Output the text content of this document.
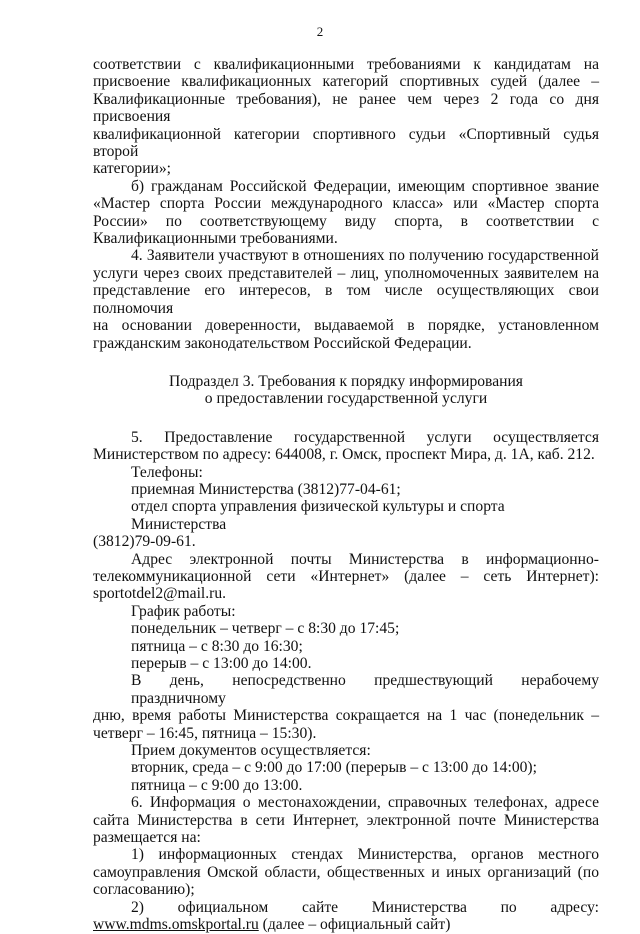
2

соответствии с квалификационными требованиями к кандидатам на

присвоение квалификационных категорий спортивных судей (далее –

Квалификационные требования), не ранее чем через 2 года со дня присвоения

квалификационной категории спортивного судьи «Спортивный судья второй

категории»;

б) гражданам Российской Федерации, имеющим спортивное звание

«Мастер спорта России международного класса» или «Мастер спорта

России» по соответствующему виду спорта, в соответствии с

Квалификационными требованиями.

4. Заявители участвуют в отношениях по получению государственной

услуги через своих представителей – лиц, уполномоченных заявителем на

представление его интересов, в том числе осуществляющих свои полномочия

на основании доверенности, выдаваемой в порядке, установленном

гражданским законодательством Российской Федерации.

Подраздел 3. Требования к порядку информирования

о предоставлении государственной услуги

5. Предоставление государственной услуги осуществляется

Министерством по адресу: 644008, г. Омск, проспект Мира, д. 1А, каб. 212.

Телефоны:

приемная Министерства (3812)77-04-61;

отдел спорта управления физической культуры и спорта Министерства

(3812)79-09-61.

Адрес электронной почты Министерства в информационно-

телекоммуникационной сети «Интернет» (далее – сеть Интернет):

sportotdel2@mail.ru.

График работы:

понедельник – четверг – с 8:30 до 17:45;

пятница – с 8:30 до 16:30;

перерыв – с 13:00 до 14:00.

В день, непосредственно предшествующий нерабочему праздничному

дню, время работы Министерства сокращается на 1 час (понедельник –

четверг – 16:45, пятница – 15:30).

Прием документов осуществляется:

вторник, среда – с 9:00 до 17:00 (перерыв – с 13:00 до 14:00);

пятница – с 9:00 до 13:00.

6. Информация о местонахождении, справочных телефонах, адресе

сайта Министерства в сети Интернет, электронной почте Министерства

размещается на:

1) информационных стендах Министерства, органов местного

самоуправления Омской области, общественных и иных организаций (по

согласованию);

2) официальном сайте Министерства по адресу:

www.mdms.omskportal.ru (далее – официальный сайт)
